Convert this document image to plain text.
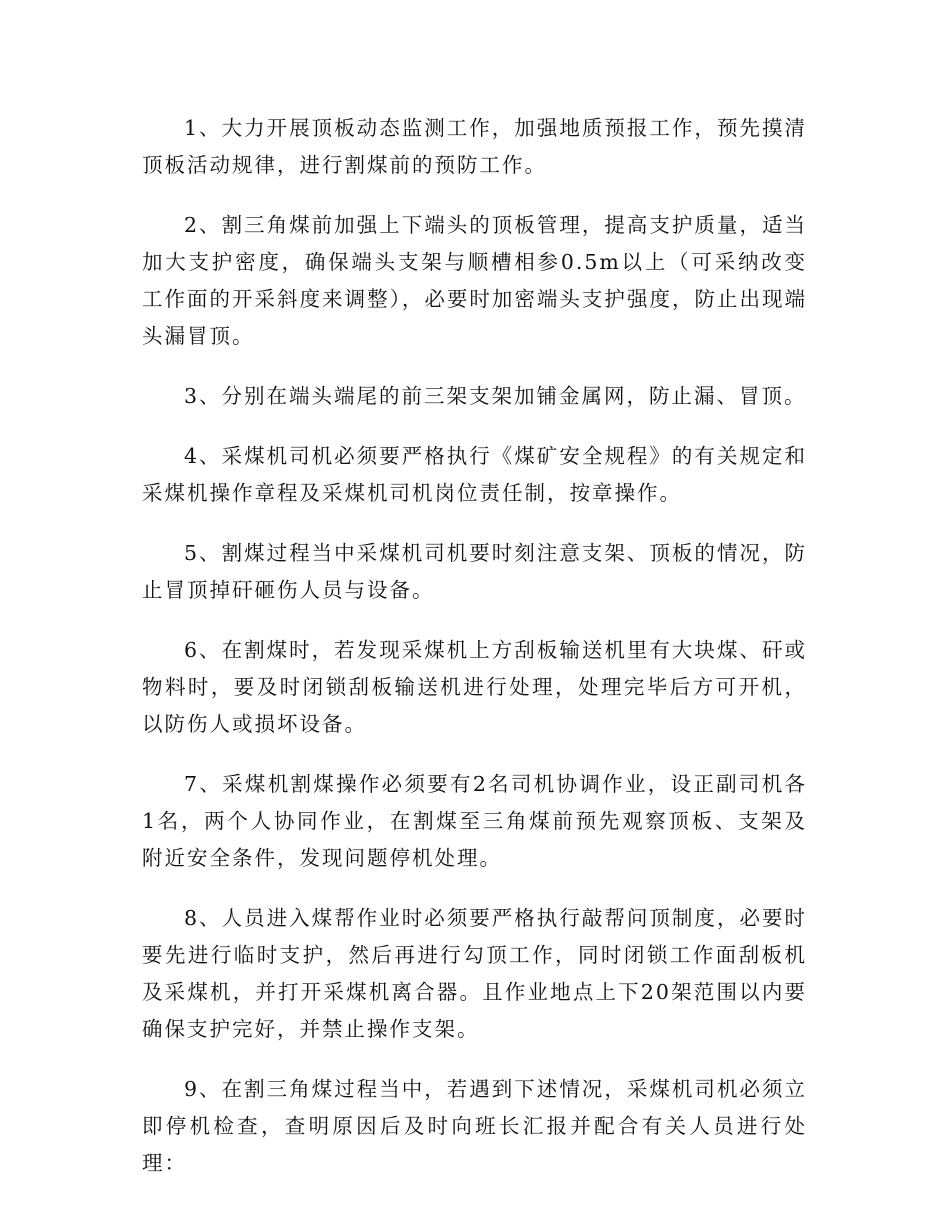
1、大力开展顶板动态监测工作，加强地质预报工作，预先摸清顶板活动规律，进行割煤前的预防工作。

2、割三角煤前加强上下端头的顶板管理，提高支护质量，适当加大支护密度，确保端头支架与顺槽相参0.5m以上（可采纳改变工作面的开采斜度来调整），必要时加密端头支护强度，防止出现端头漏冒顶。

3、分别在端头端尾的前三架支架加铺金属网，防止漏、冒顶。

4、采煤机司机必须要严格执行《煤矿安全规程》的有关规定和采煤机操作章程及采煤机司机岗位责任制，按章操作。

5、割煤过程当中采煤机司机要时刻注意支架、顶板的情况，防止冒顶掉矸砸伤人员与设备。

6、在割煤时，若发现采煤机上方刮板输送机里有大块煤、矸或物料时，要及时闭锁刮板输送机进行处理，处理完毕后方可开机，以防伤人或损坏设备。

7、采煤机割煤操作必须要有2名司机协调作业，设正副司机各1名，两个人协同作业，在割煤至三角煤前预先观察顶板、支架及附近安全条件，发现问题停机处理。

8、人员进入煤帮作业时必须要严格执行敲帮问顶制度，必要时要先进行临时支护，然后再进行勾顶工作，同时闭锁工作面刮板机及采煤机，并打开采煤机离合器。且作业地点上下20架范围以内要确保支护完好，并禁止操作支架。

9、在割三角煤过程当中，若遇到下述情况，采煤机司机必须立即停机检查，查明原因后及时向班长汇报并配合有关人员进行处理：
